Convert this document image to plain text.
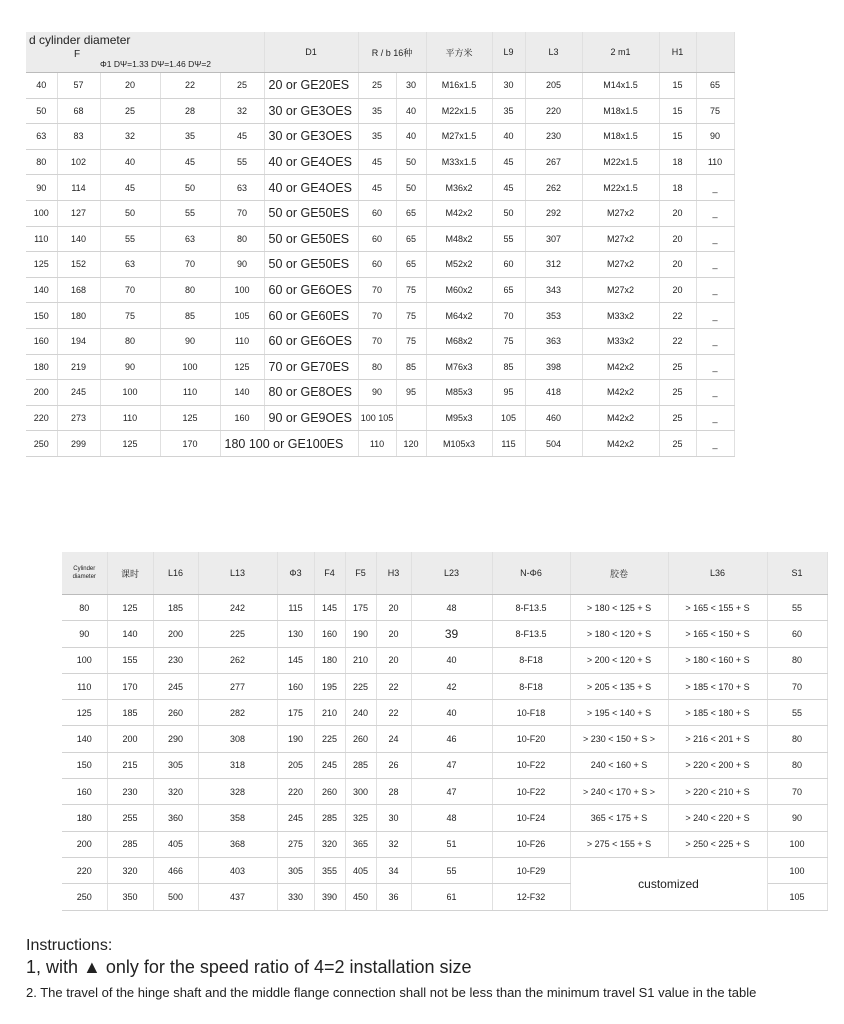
d cylinder diameter
F
Φ1 DΨ=1.33 DΨ=1.46 DΨ=2					D1	R / b 16种		平方米	L9	L3	2 m1	H1	
40	57	20	22	25	20 or GE20ES	25	30	M16x1.5	30	205	M14x1.5	15	65
50	68	25	28	32	30 or GE3OES	35	40	M22x1.5	35	220	M18x1.5	15	75
63	83	32	35	45	30 or GE3OES	35	40	M27x1.5	40	230	M18x1.5	15	90
80	102	40	45	55	40 or GE4OES	45	50	M33x1.5	45	267	M22x1.5	18	110
90	114	45	50	63	40 or GE4OES	45	50	M36x2	45	262	M22x1.5	18	_
100	127	50	55	70	50 or GE50ES	60	65	M42x2	50	292	M27x2	20	_
110	140	55	63	80	50 or GE50ES	60	65	M48x2	55	307	M27x2	20	_
125	152	63	70	90	50 or GE50ES	60	65	M52x2	60	312	M27x2	20	_
140	168	70	80	100	60 or GE6OES	70	75	M60x2	65	343	M27x2	20	_
150	180	75	85	105	60 or GE60ES	70	75	M64x2	70	353	M33x2	22	_
160	194	80	90	110	60 or GE6OES	70	75	M68x2	75	363	M33x2	22	_
180	219	90	100	125	70 or GE70ES	80	85	M76x3	85	398	M42x2	25	_
200	245	100	110	140	80 or GE8OES	90	95	M85x3	95	418	M42x2	25	_
220	273	110	125	160	90 or GE9OES	100 105		M95x3	105	460	M42x2	25	_
250	299	125	170	180 100 or GE100ES		110	120	M105x3	115	504	M42x2	25	_
Cylinder diameter	课时	L16	L13	Φ3	F4	F5	H3	L23	N-Φ6	胶卷	L36	S1
80	125	185	242	115	145	175	20	48	8-F13.5	> 180 < 125 + S	> 165 < 155 + S	55
90	140	200	225	130	160	190	20	39	8-F13.5	> 180 < 120 + S	> 165 < 150 + S	60
100	155	230	262	145	180	210	20	40	8-F18	> 200 < 120 + S	> 180 < 160 + S	80
110	170	245	277	160	195	225	22	42	8-F18	> 205 < 135 + S	> 185 < 170 + S	70
125	185	260	282	175	210	240	22	40	10-F18	> 195 < 140 + S	> 185 < 180 + S	55
140	200	290	308	190	225	260	24	46	10-F20	> 230 < 150 + S >	> 216 < 201 + S	80
150	215	305	318	205	245	285	26	47	10-F22	240 < 160 + S	> 220 < 200 + S	80
160	230	320	328	220	260	300	28	47	10-F22	> 240 < 170 + S >	> 220 < 210 + S	70
180	255	360	358	245	285	325	30	48	10-F24	365 < 175 + S	> 240 < 220 + S	90
200	285	405	368	275	320	365	32	51	10-F26	> 275 < 155 + S	> 250 < 225 + S	100
220	320	466	403	305	355	405	34	55	10-F29	customized		100
250	350	500	437	330	390	450	36	61	12-F32			105
Instructions:
1, with ▲ only for the speed ratio of 4=2 installation size
2. The travel of the hinge shaft and the middle flange connection shall not be less than the minimum travel S1 value in the table
